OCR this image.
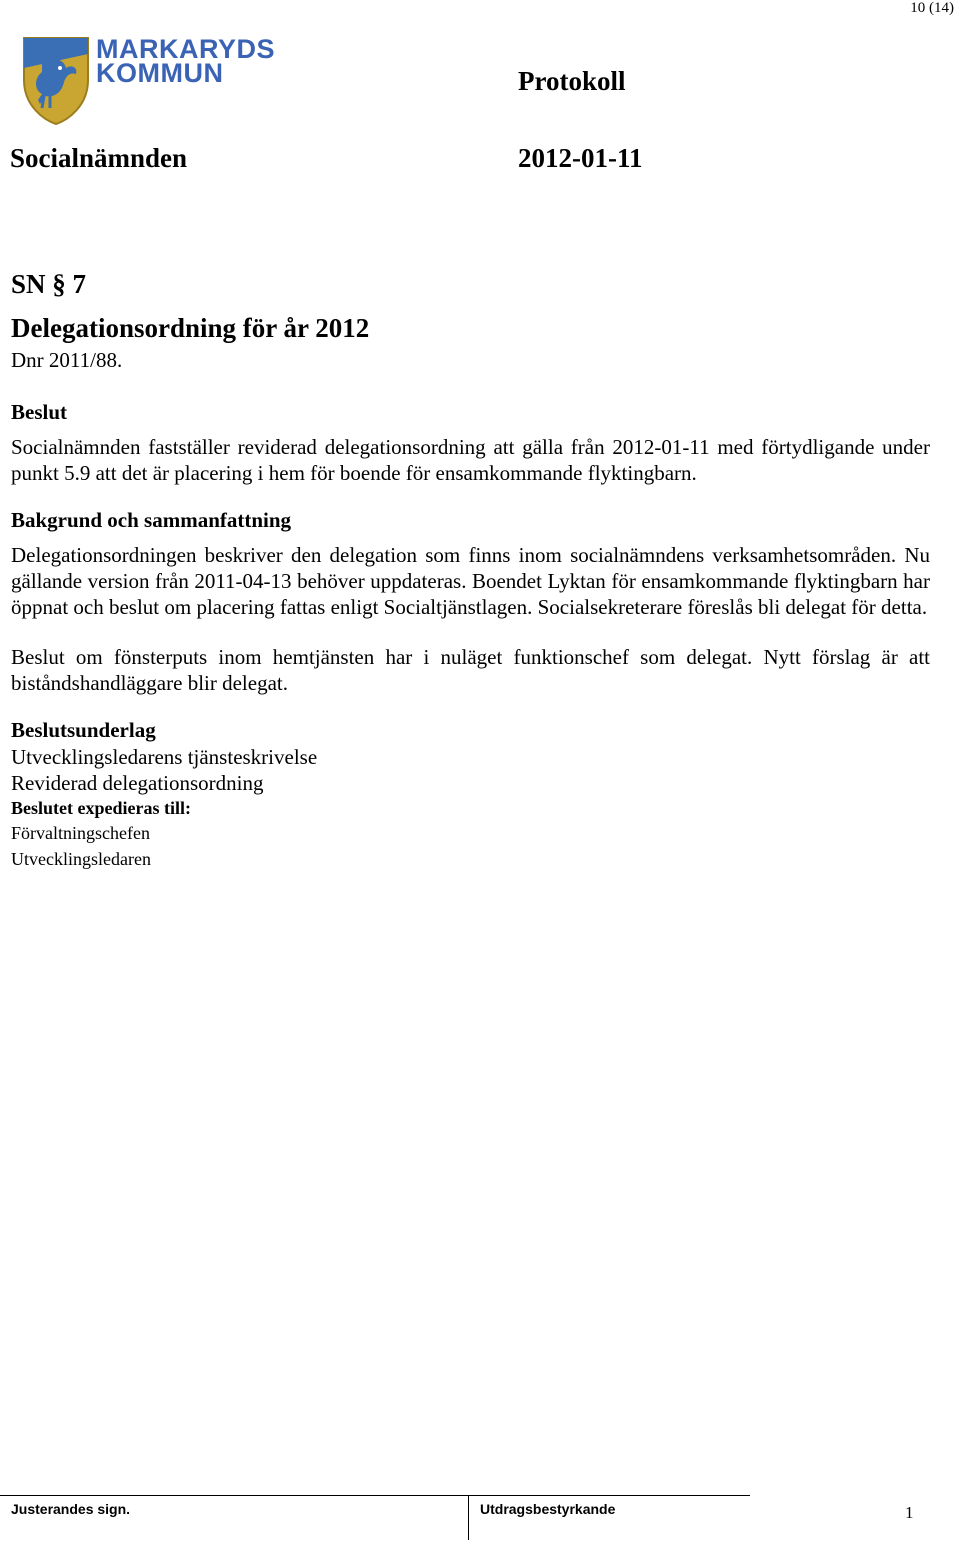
10 (14)
MARKARYDS
KOMMUN	Protokoll
Socialnämnden	2012-01-11
SN § 7
Delegationsordning för år 2012
Dnr 2011/88.
Beslut

Socialnämnden fastställer reviderad delegationsordning att gälla från 2012-01-11 med förtydligande under punkt 5.9 att det är placering i hem för boende för ensamkommande flyktingbarn.

Bakgrund och sammanfattning

Delegationsordningen beskriver den delegation som finns inom socialnämndens verksamhetsområden. Nu gällande version från 2011-04-13 behöver uppdateras. Boendet Lyktan för ensamkommande flyktingbarn har öppnat och beslut om placering fattas enligt Socialtjänstlagen. Socialsekreterare föreslås bli delegat för detta.

Beslut om fönsterputs inom hemtjänsten har i nuläget funktionschef som delegat. Nytt förslag är att biståndshandläggare blir delegat.

Beslutsunderlag
Utvecklingsledarens tjänsteskrivelse
Reviderad delegationsordning
Beslutet expedieras till:
Förvaltningschefen
Utvecklingsledaren
Justerandes sign.	Utdragsbestyrkande	1
